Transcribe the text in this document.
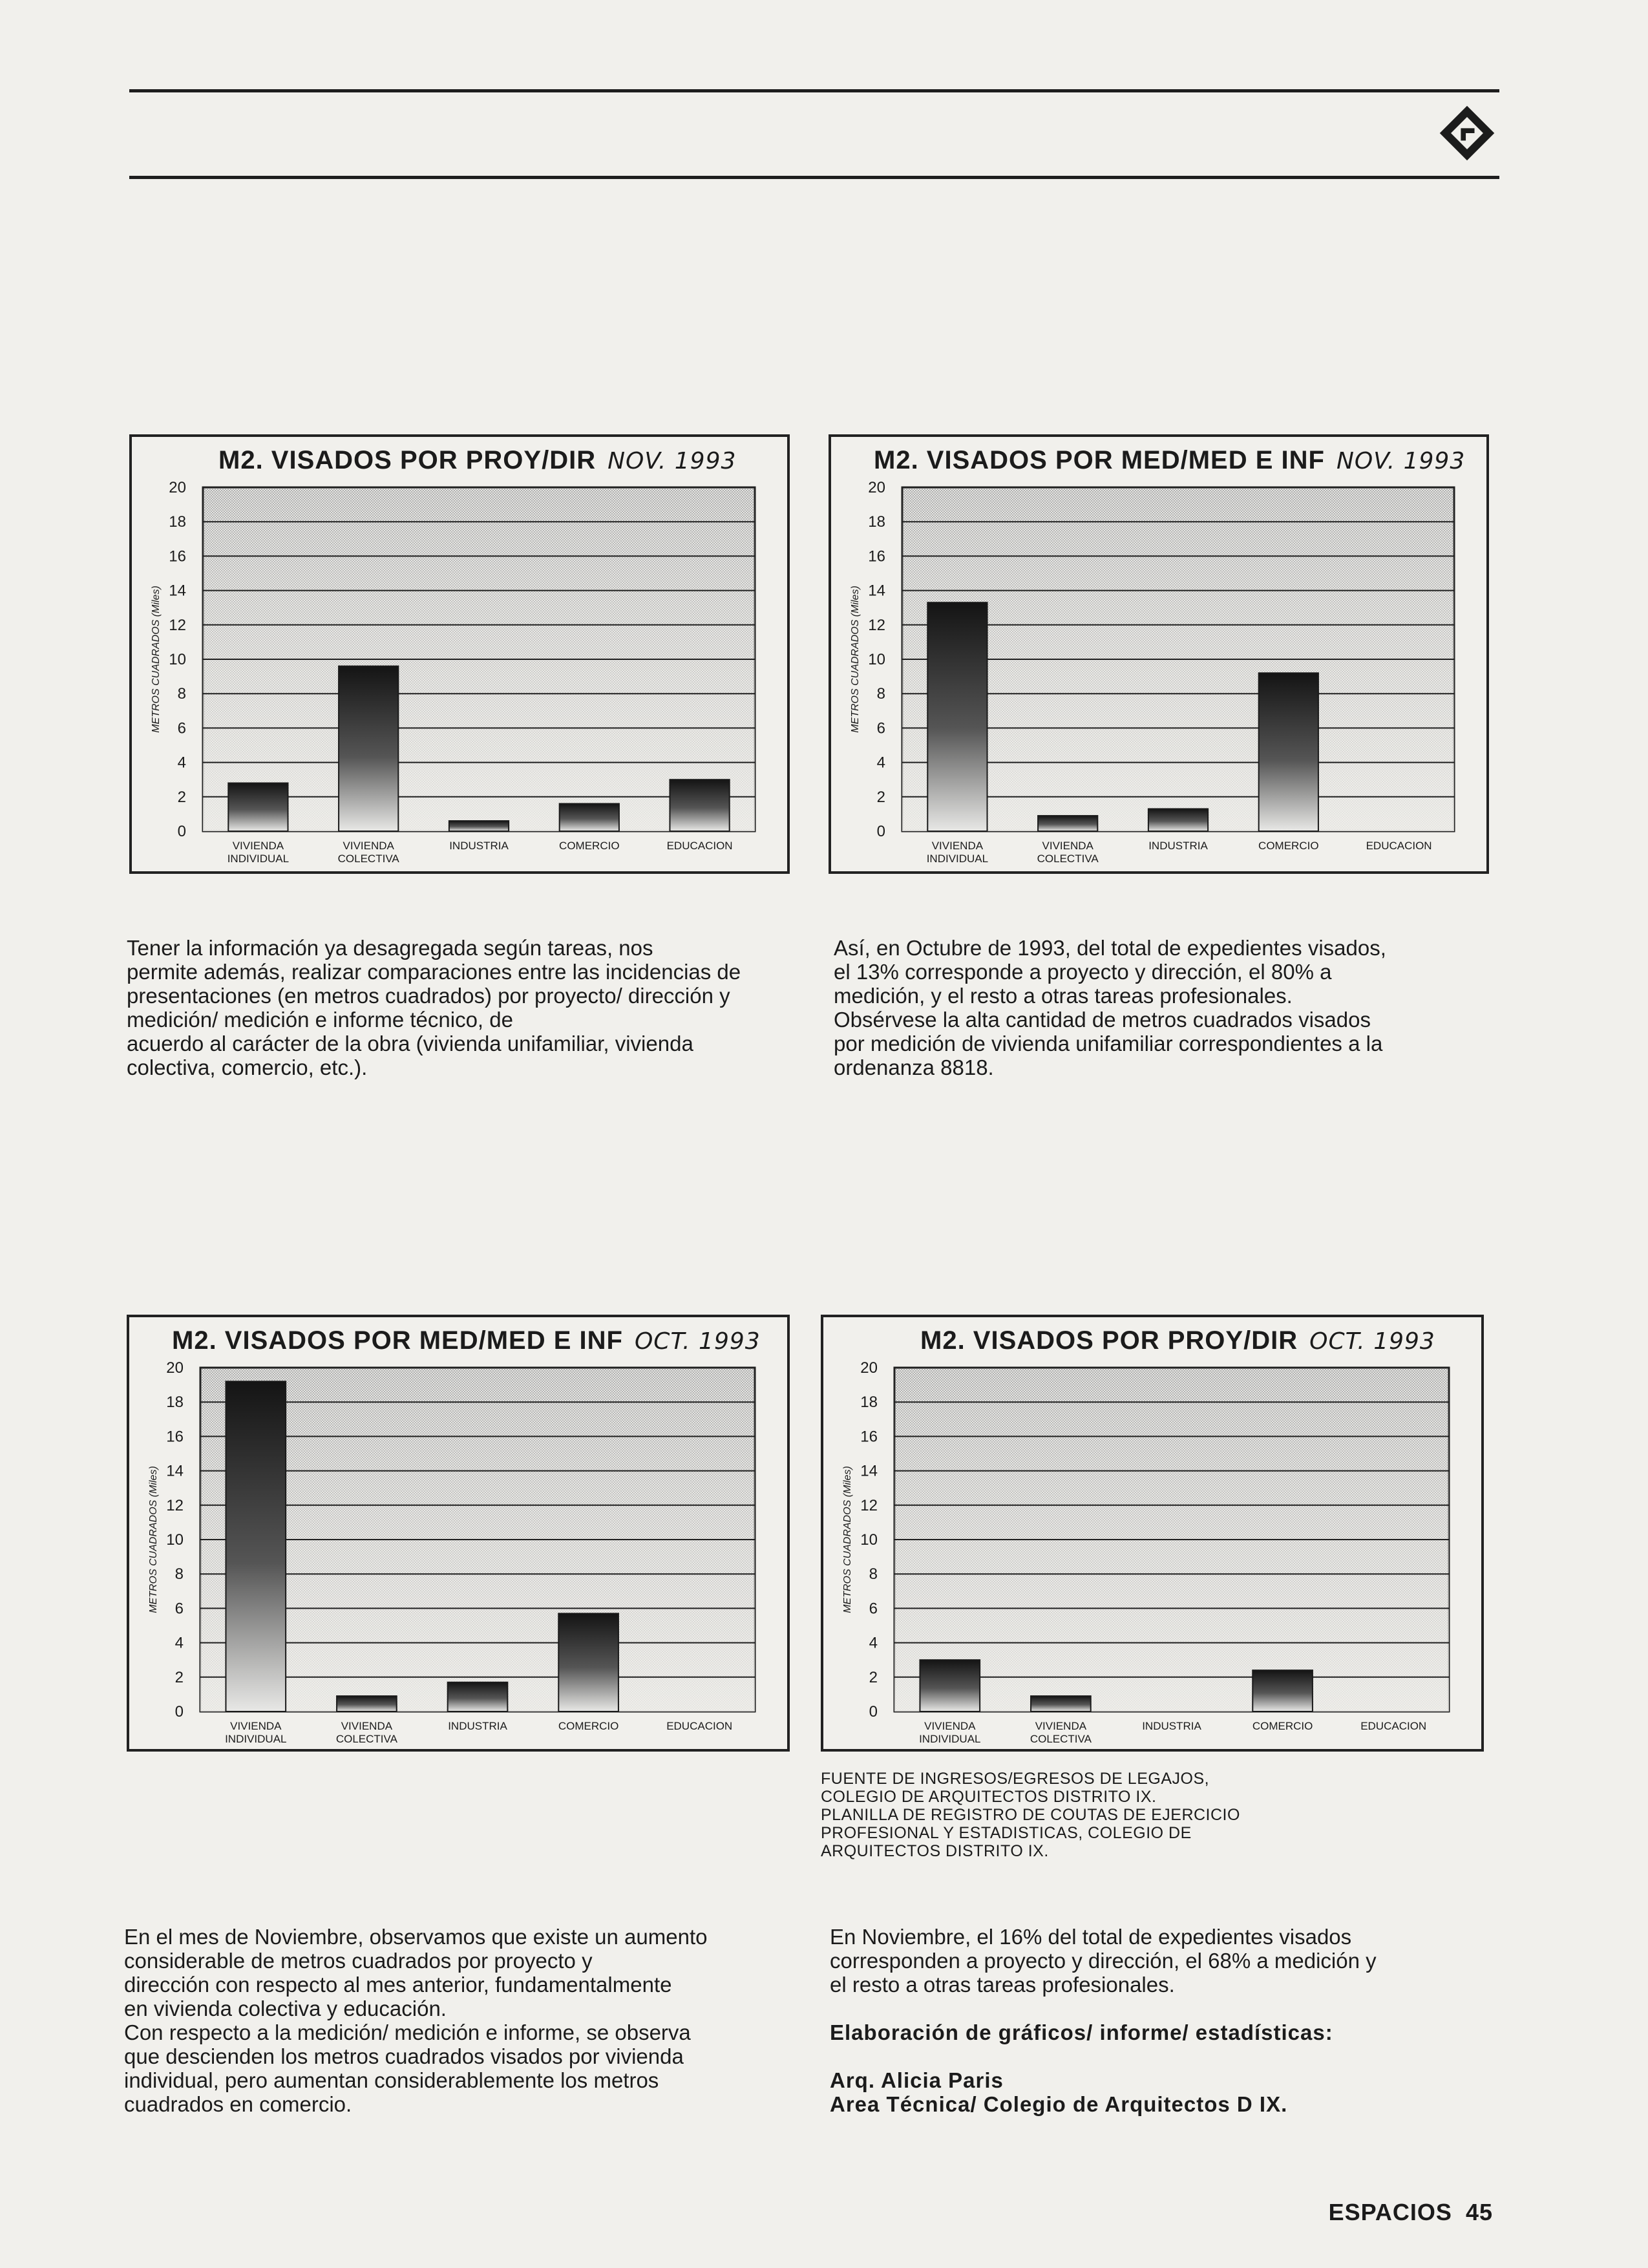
M2. VISADOS POR PROY/DIR NOV. 1993
0
2
4
6
8
10
12
14
16
18
20
METROS CUADRADOS (Miles)
VIVIENDA
INDIVIDUAL
VIVIENDA
COLECTIVA
INDUSTRIA	COMERCIO	EDUCACION
M2. VISADOS POR MED/MED E INF NOV. 1993
0
2
4
6
8
10
12
14
16
18
20
METROS CUADRADOS (Miles)
VIVIENDA
INDIVIDUAL
VIVIENDA
COLECTIVA
INDUSTRIA	COMERCIO	EDUCACION
Tener la información ya desagregada según tareas, nos
permite además, realizar comparaciones entre las incidencias de presentaciones (en metros cuadrados) por proyecto/ dirección y medición/ medición e informe técnico, de
acuerdo al carácter de la obra (vivienda unifamiliar, vivienda colectiva, comercio, etc.).
Así, en Octubre de 1993, del total de expedientes visados,
el 13% corresponde a proyecto y dirección, el 80% a
medición, y el resto a otras tareas profesionales.
Obsérvese la alta cantidad de metros cuadrados visados
por medición de vivienda unifamiliar correspondientes a la
ordenanza 8818.
M2. VISADOS POR MED/MED E INF OCT. 1993
0
2
4
6
8
10
12
14
16
18
20
METROS CUADRADOS (Miles)
VIVIENDA
INDIVIDUAL
VIVIENDA
COLECTIVA
INDUSTRIA	COMERCIO	EDUCACION
M2. VISADOS POR PROY/DIR OCT. 1993
0
2
4
6
8
10
12
14
16
18
20
METROS CUADRADOS (Miles)
VIVIENDA
INDIVIDUAL
VIVIENDA
COLECTIVA
INDUSTRIA	COMERCIO	EDUCACION
FUENTE DE INGRESOS/EGRESOS DE LEGAJOS,
COLEGIO DE ARQUITECTOS DISTRITO IX.
PLANILLA DE REGISTRO DE COUTAS DE EJERCICIO
PROFESIONAL Y ESTADISTICAS, COLEGIO DE
ARQUITECTOS DISTRITO IX.
En el mes de Noviembre, observamos que existe un aumento considerable de metros cuadrados por proyecto y
dirección con respecto al mes anterior, fundamentalmente
en vivienda colectiva y educación.
Con respecto a la medición/ medición e informe, se observa
que descienden los metros cuadrados visados por vivienda
individual, pero aumentan considerablemente los metros
cuadrados en comercio.
En Noviembre, el 16% del total de expedientes visados
corresponden a proyecto y dirección, el 68% a medición y
el resto a otras tareas profesionales.
Elaboración de gráficos/ informe/ estadísticas:
Arq. Alicia Paris
Area Técnica/ Colegio de Arquitectos D IX.
ESPACIOS 45
